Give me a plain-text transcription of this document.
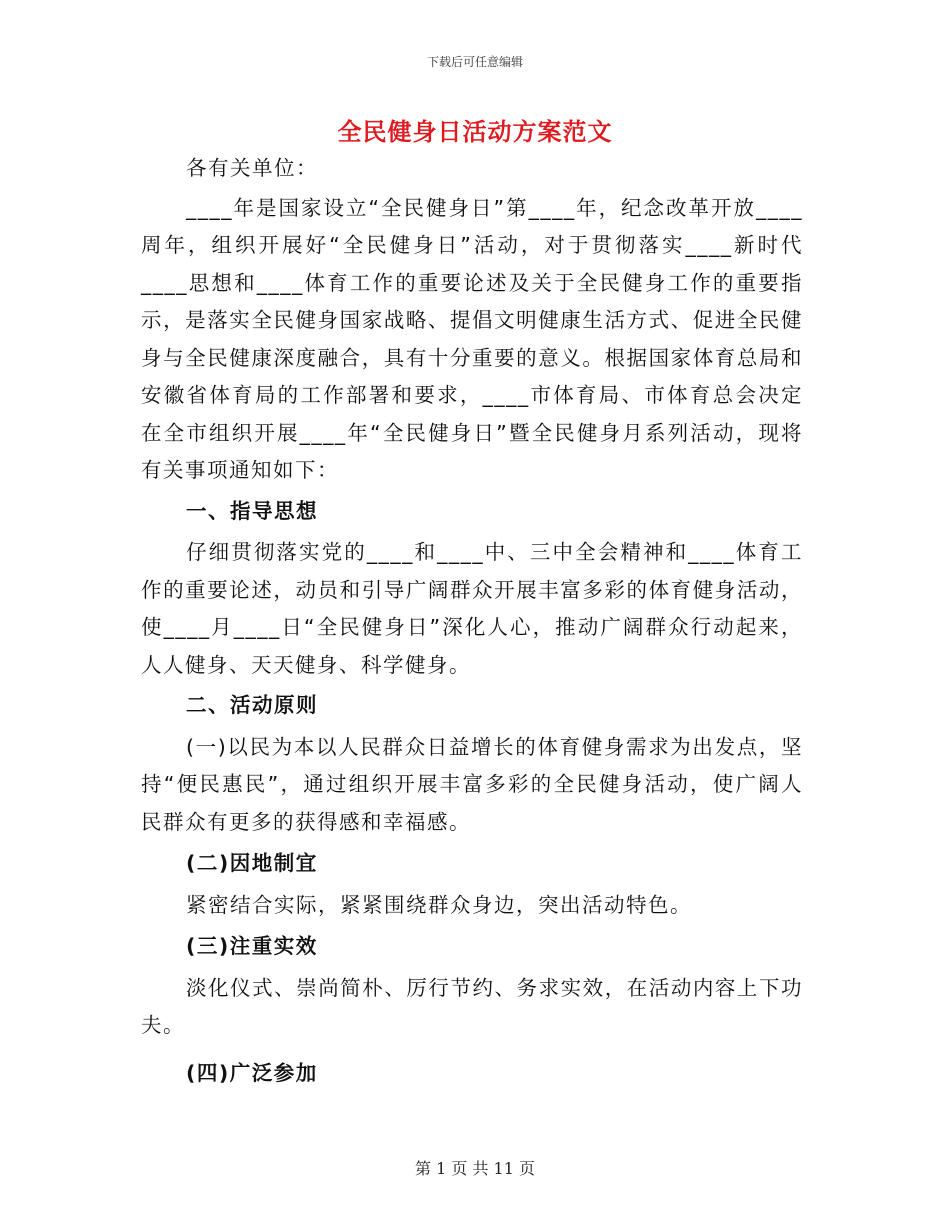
下载后可任意编辑
全民健身日活动方案范文

各有关单位：

____年是国家设立“全民健身日”第____年，纪念改革开放____周年，组织开展好“全民健身日”活动，对于贯彻落实____新时代____思想和____体育工作的重要论述及关于全民健身工作的重要指示，是落实全民健身国家战略、提倡文明健康生活方式、促进全民健身与全民健康深度融合，具有十分重要的意义。根据国家体育总局和安徽省体育局的工作部署和要求，____市体育局、市体育总会决定在全市组织开展____年“全民健身日”暨全民健身月系列活动，现将有关事项通知如下：

一、指导思想

仔细贯彻落实党的____和____中、三中全会精神和____体育工作的重要论述，动员和引导广阔群众开展丰富多彩的体育健身活动，使____月____日“全民健身日”深化人心，推动广阔群众行动起来，人人健身、天天健身、科学健身。

二、活动原则

(一)以民为本以人民群众日益增长的体育健身需求为出发点，坚持“便民惠民”，通过组织开展丰富多彩的全民健身活动，使广阔人民群众有更多的获得感和幸福感。

(二)因地制宜

紧密结合实际，紧紧围绕群众身边，突出活动特色。

(三)注重实效

淡化仪式、崇尚简朴、厉行节约、务求实效，在活动内容上下功夫。

(四)广泛参加

第 1 页 共 11 页
